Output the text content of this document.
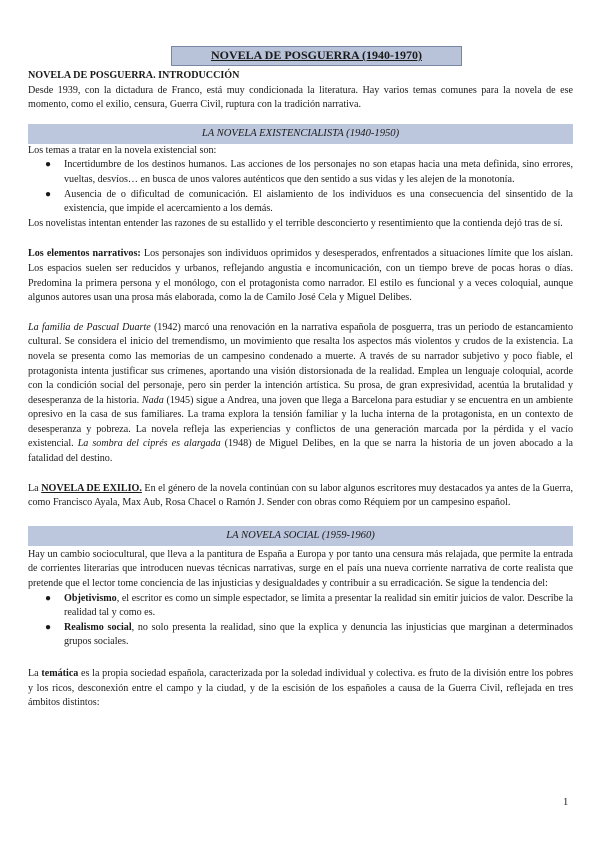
NOVELA DE POSGUERRA (1940-1970)
NOVELA DE POSGUERRA. INTRODUCCIÓN

Desde 1939, con la dictadura de Franco, está muy condicionada la literatura. Hay varios temas comunes para la novela de ese momento, como el exilio, censura, Guerra Civil, ruptura con la tradición narrativa.

LA NOVELA EXISTENCIALISTA (1940-1950)

Los temas a tratar en la novela existencial son:

● Incertidumbre de los destinos humanos. Las acciones de los personajes no son etapas hacia una meta definida, sino errores, vueltas, desvíos… en busca de unos valores auténticos que den sentido a sus vidas y les alejen de la monotonía.
● Ausencia de o dificultad de comunicación. El aislamiento de los individuos es una consecuencia del sinsentido de la existencia, que impide el acercamiento a los demás.

Los novelistas intentan entender las razones de su estallido y el terrible desconcierto y resentimiento que la contienda dejó tras de sí.

Los elementos narrativos: Los personajes son individuos oprimidos y desesperados, enfrentados a situaciones límite que los aíslan. Los espacios suelen ser reducidos y urbanos, reflejando angustia e incomunicación, con un tiempo breve de pocas horas o días. Predomina la primera persona y el monólogo, con el protagonista como narrador. El estilo es funcional y a veces coloquial, aunque algunos autores usan una prosa más elaborada, como la de Camilo José Cela y Miguel Delibes.

La familia de Pascual Duarte (1942) marcó una renovación en la narrativa española de posguerra, tras un periodo de estancamiento cultural. Se considera el inicio del tremendismo, un movimiento que resalta los aspectos más violentos y crudos de la existencia. La novela se presenta como las memorias de un campesino condenado a muerte. A través de su narrador subjetivo y poco fiable, el protagonista intenta justificar sus crímenes, aportando una visión distorsionada de la realidad. Emplea un lenguaje coloquial, acorde con la condición social del personaje, pero sin perder la intención artística. Su prosa, de gran expresividad, acentúa la brutalidad y desesperanza de la historia. Nada (1945) sigue a Andrea, una joven que llega a Barcelona para estudiar y se encuentra en un ambiente opresivo en la casa de sus familiares. La trama explora la tensión familiar y la lucha interna de la protagonista, en un contexto de desesperanza y pobreza. La novela refleja las experiencias y conflictos de una generación marcada por la pérdida y el vacío existencial. La sombra del ciprés es alargada (1948) de Miguel Delibes, en la que se narra la historia de un joven abocado a la fatalidad del destino.

La NOVELA DE EXILIO. En el género de la novela continúan con su labor algunos escritores muy destacados ya antes de la Guerra, como Francisco Ayala, Max Aub, Rosa Chacel o Ramón J. Sender con obras como Réquiem por un campesino español.

LA NOVELA SOCIAL (1959-1960)

Hay un cambio sociocultural, que lleva a la pantitura de España a Europa y por tanto una censura más relajada, que permite la entrada de corrientes literarias que introducen nuevas técnicas narrativas, surge en el país una nueva corriente narrativa de corte realista que pretende que el lector tome conciencia de las injusticias y desigualdades y contribuir a su erradicación. Se sigue la tendencia del:

● Objetivismo, el escritor es como un simple espectador, se limita a presentar la realidad sin emitir juicios de valor. Describe la realidad tal y como es.
● Realismo social, no solo presenta la realidad, sino que la explica y denuncia las injusticias que marginan a determinados grupos sociales.

La temática es la propia sociedad española, caracterizada por la soledad individual y colectiva. es fruto de la división entre los pobres y los ricos, desconexión entre el campo y la ciudad, y de la escisión de los españoles a causa de la Guerra Civil, reflejada en tres ámbitos distintos:

1
